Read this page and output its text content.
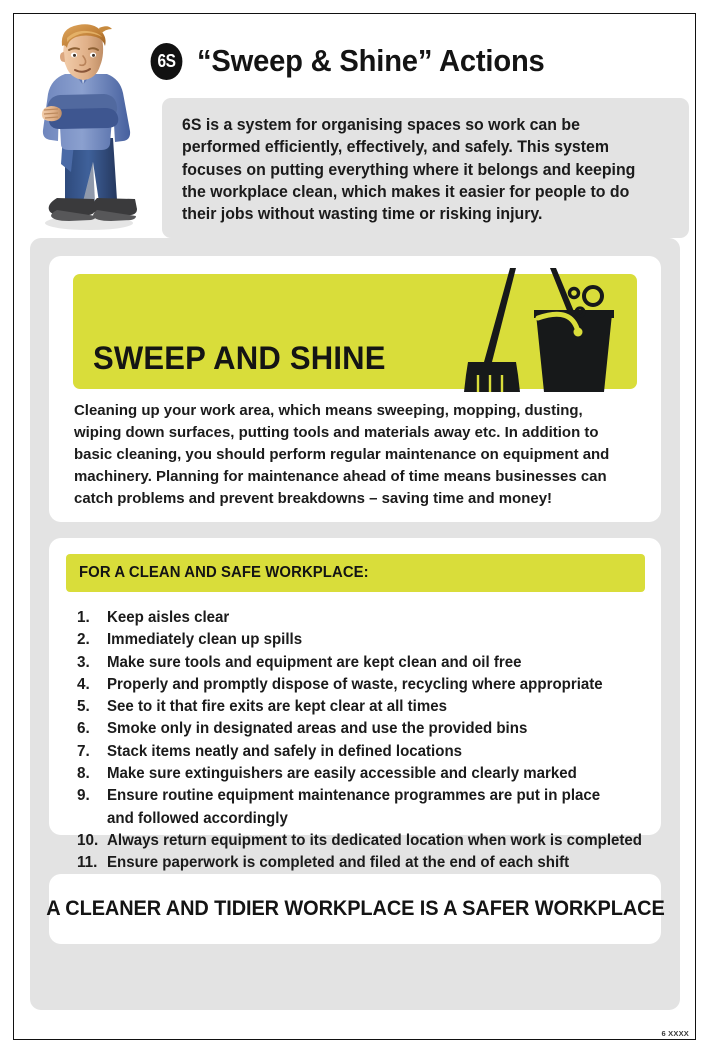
6S “Sweep & Shine” Actions
6S is a system for organising spaces so work can be performed efficiently, effectively, and safely. This system focuses on putting everything where it belongs and keeping the workplace clean, which makes it easier for people to do their jobs without wasting time or risking injury.
SWEEP AND SHINE
Cleaning up your work area, which means sweeping, mopping, dusting, wiping down surfaces, putting tools and materials away etc. In addition to basic cleaning, you should perform regular maintenance on equipment and machinery. Planning for maintenance ahead of time means businesses can catch problems and prevent breakdowns – saving time and money!
FOR A CLEAN AND SAFE WORKPLACE:
1.	Keep aisles clear
2.	Immediately clean up spills
3.	Make sure tools and equipment are kept clean and oil free
4.	Properly and promptly dispose of waste, recycling where appropriate
5.	See to it that fire exits are kept clear at all times
6.	Smoke only in designated areas and use the provided bins
7.	Stack items neatly and safely in defined locations
8.	Make sure extinguishers are easily accessible and clearly marked
9.	Ensure routine equipment maintenance programmes are put in place
and followed accordingly
10. Always return equipment to its dedicated location when work is completed
11. Ensure paperwork is completed and filed at the end of each shift
A CLEANER AND TIDIER WORKPLACE IS A SAFER WORKPLACE
6 XXXX
